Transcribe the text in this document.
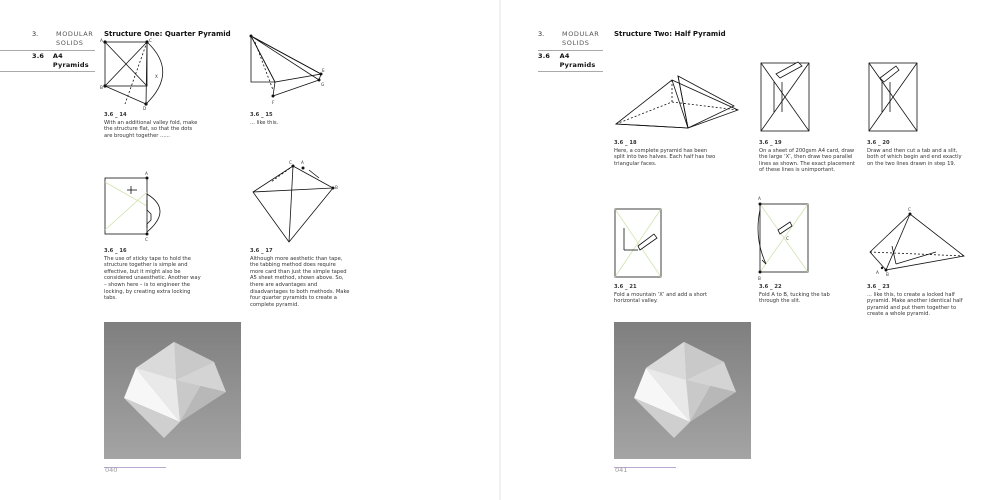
3.	MODULAR
SOLIDS
3.6	A4 Pyramids
Structure One: Quarter Pyramid
A	C
B
D
X
3.6 _ 14
With an additional valley fold, make the structure flat, so that the dots are brought together ......
E
G
F
3.6 _ 15
... like this.
A
C
3.6 _ 16
The use of sticky tape to hold the structure together is simple and effective, but it might also be considered unaesthetic. Another way – shown here – is to engineer the locking, by creating extra locking tabs.
C A
B
3.6 _ 17
Although more aesthetic than tape, the tabbing method does require more card than just the simple taped A5 sheet method, shown above. So, there are advantages and disadvantages to both methods. Make four quarter pyramids to create a complete pyramid.
040
3.	MODULAR
SOLIDS
3.6	A4 Pyramids
Structure Two: Half Pyramid
3.6 _ 18
Here, a complete pyramid has been split into two halves. Each half has two triangular faces.
3.6 _ 19
On a sheet of 200gsm A4 card, draw the large ‘X’, then draw two parallel lines as shown. The exact placement of these lines is unimportant.
3.6 _ 20
Draw and then cut a tab and a slit, both of which begin and end exactly on the two lines drawn in step 19.
3.6 _ 21
Fold a mountain ‘X’ and add a short horizontal valley.
A
B
C
3.6 _ 22
Fold A to B, tucking the tab through the slit.
C
A B
3.6 _ 23
... like this, to create a locked half pyramid. Make another identical half pyramid and put them together to create a whole pyramid.
041
